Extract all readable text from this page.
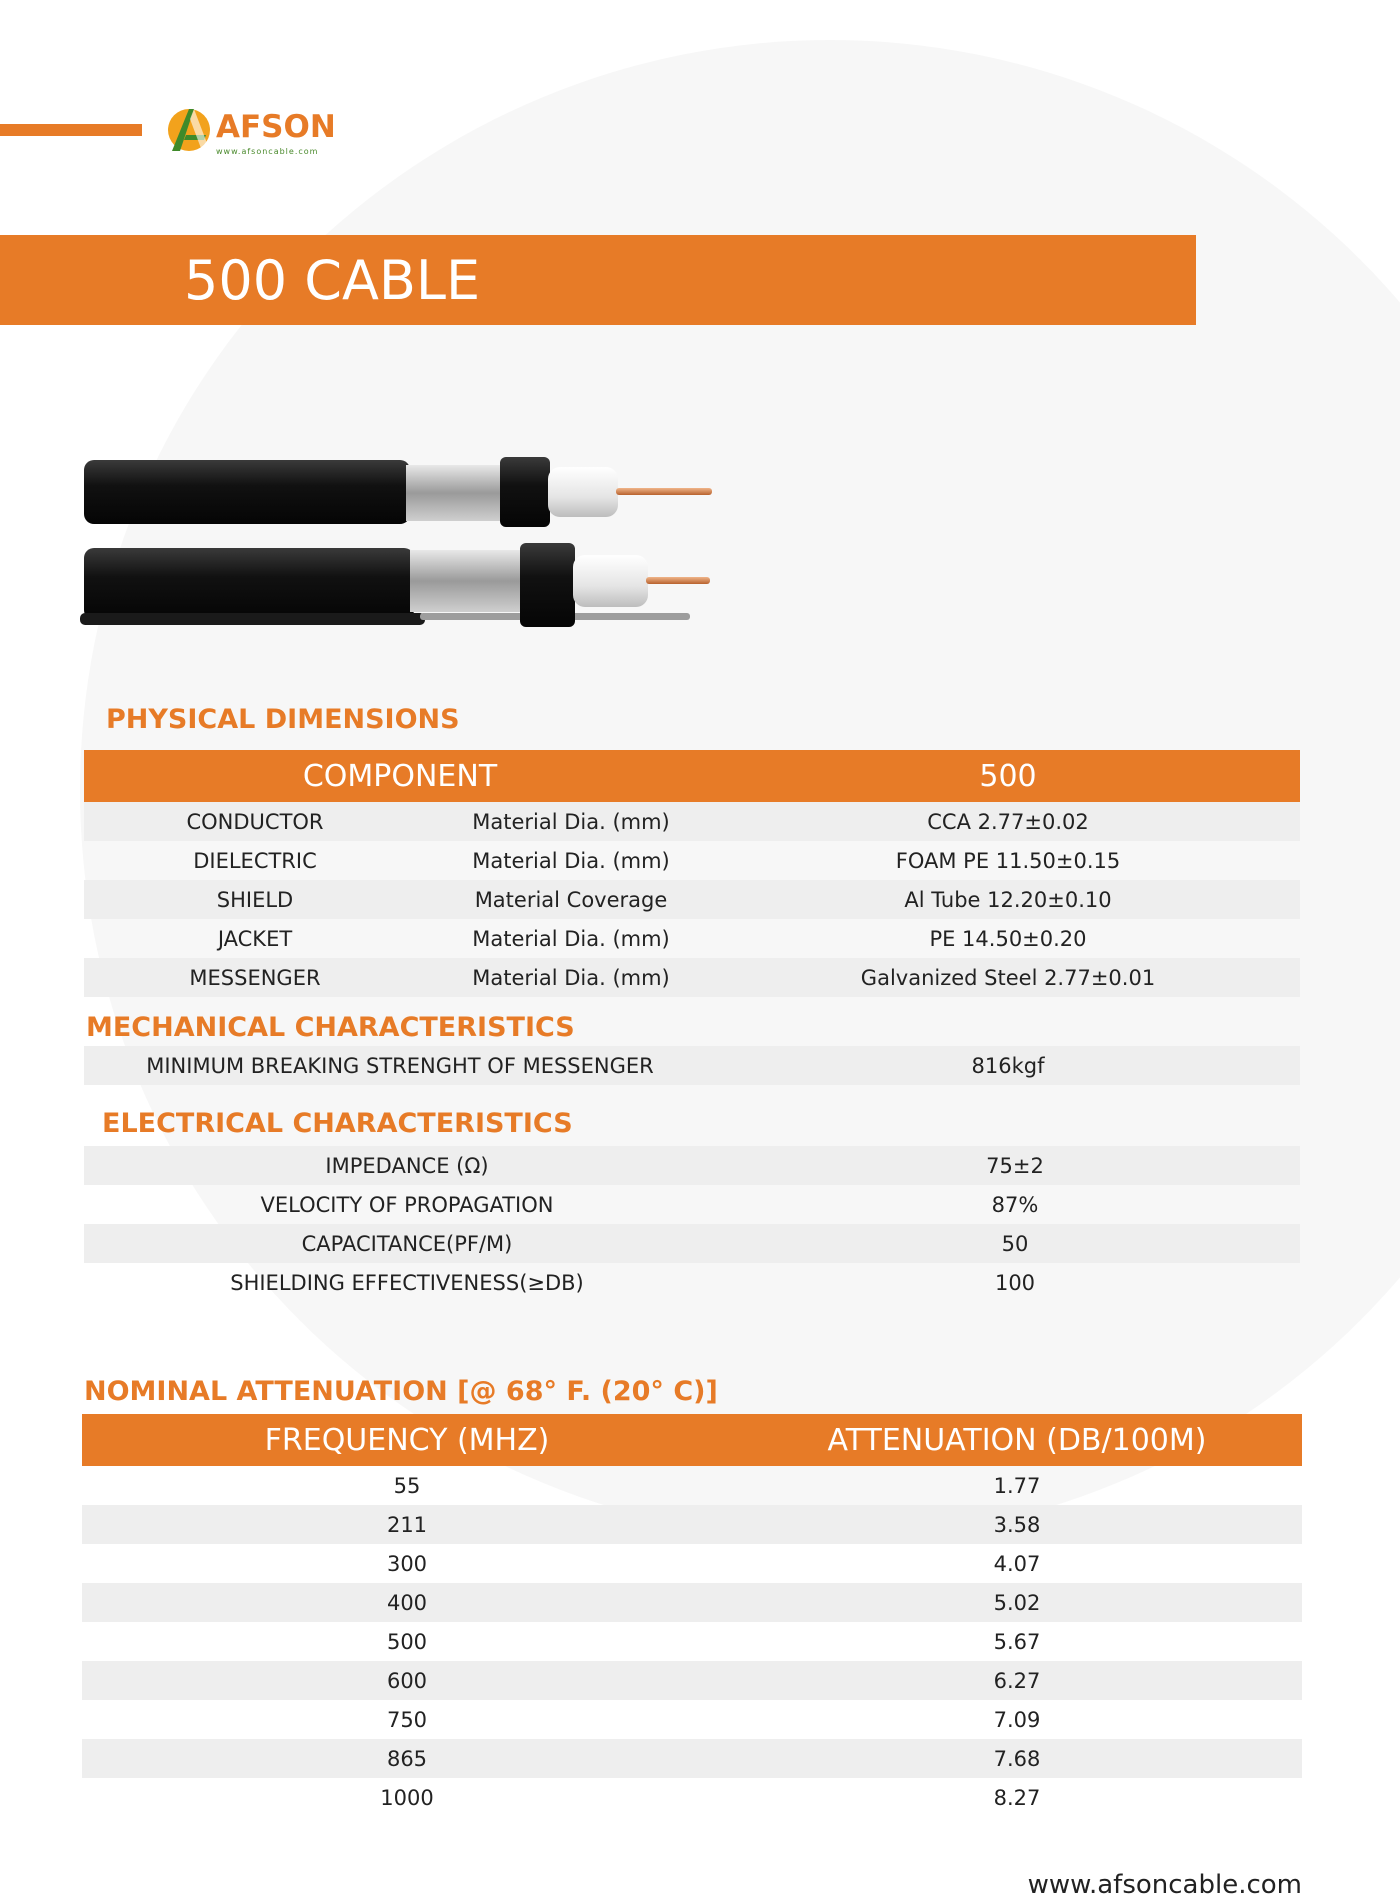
AFSON
www.afsoncable.com
500 CABLE
PHYSICAL DIMENSIONS
COMPONENT		500
CONDUCTOR	Material Dia. (mm)	CCA 2.77±0.02
DIELECTRIC	Material Dia. (mm)	FOAM PE 11.50±0.15
SHIELD	Material Coverage	Al Tube 12.20±0.10
JACKET	Material Dia. (mm)	PE 14.50±0.20
MESSENGER	Material Dia. (mm)	Galvanized Steel 2.77±0.01
MECHANICAL CHARACTERISTICS
MINIMUM BREAKING STRENGHT OF MESSENGER	816kgf
ELECTRICAL CHARACTERISTICS
IMPEDANCE (Ω)	75±2
VELOCITY OF PROPAGATION	87%
CAPACITANCE(PF/M)	50
SHIELDING EFFECTIVENESS(≥DB)	100
NOMINAL ATTENUATION [@ 68° F. (20° C)]
FREQUENCY (MHZ)	ATTENUATION (DB/100M)
55	1.77
211	3.58
300	4.07
400	5.02
500	5.67
600	6.27
750	7.09
865	7.68
1000	8.27
www.afsoncable.com
